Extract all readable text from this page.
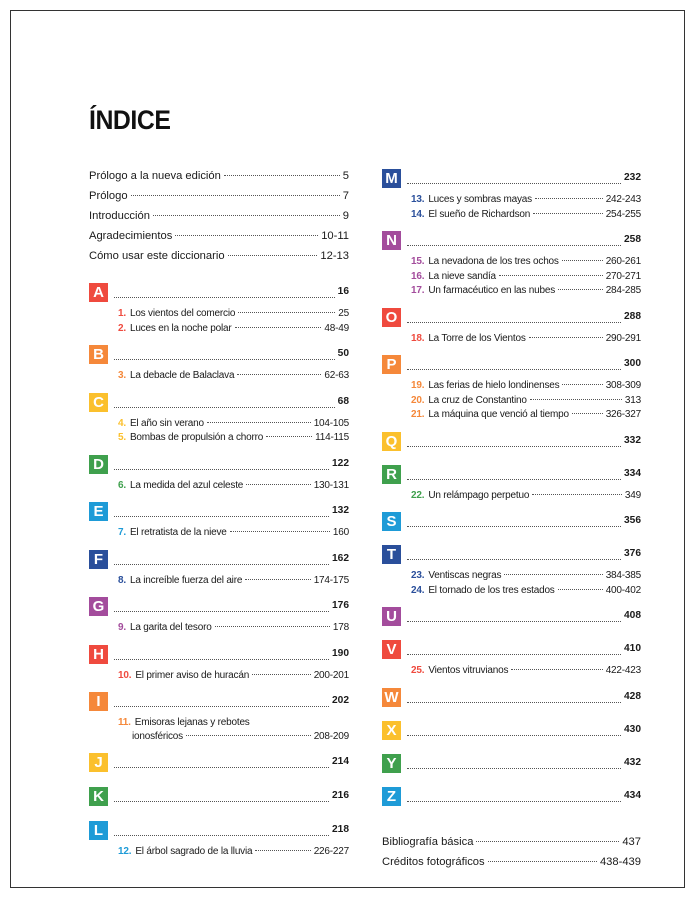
ÍNDICE
Prólogo a la nueva edición	5
Prólogo	7
Introducción	9
Agradecimientos	10-11
Cómo usar este diccionario	12-13
A	16
1. Los vientos del comercio	25
2. Luces en la noche polar	48-49
B	50
3. La debacle de Balaclava	62-63
C	68
4. El año sin verano	104-105
5. Bombas de propulsión a chorro	114-115
D	122
6. La medida del azul celeste	130-131
E	132
7. El retratista de la nieve	160
F	162
8. La increíble fuerza del aire	174-175
G	176
9. La garita del tesoro	178
H	190
10. El primer aviso de huracán	200-201
I	202
11. Emisoras lejanas y rebotes
ionosféricos	208-209
J	214
K	216
L	218
12. El árbol sagrado de la lluvia	226-227
M	232
13. Luces y sombras mayas	242-243
14. El sueño de Richardson	254-255
N	258
15. La nevadona de los tres ochos	260-261
16. La nieve sandía	270-271
17. Un farmacéutico en las nubes	284-285
O	288
18. La Torre de los Vientos	290-291
P	300
19. Las ferias de hielo londinenses	308-309
20. La cruz de Constantino	313
21. La máquina que venció al tiempo	326-327
Q	332
R	334
22. Un relámpago perpetuo	349
S	356
T	376
23. Ventiscas negras	384-385
24. El tornado de los tres estados	400-402
U	408
V	410
25. Vientos vitruvianos	422-423
W	428
X	430
Y	432
Z	434
Bibliografía básica	437
Créditos fotográficos	438-439
